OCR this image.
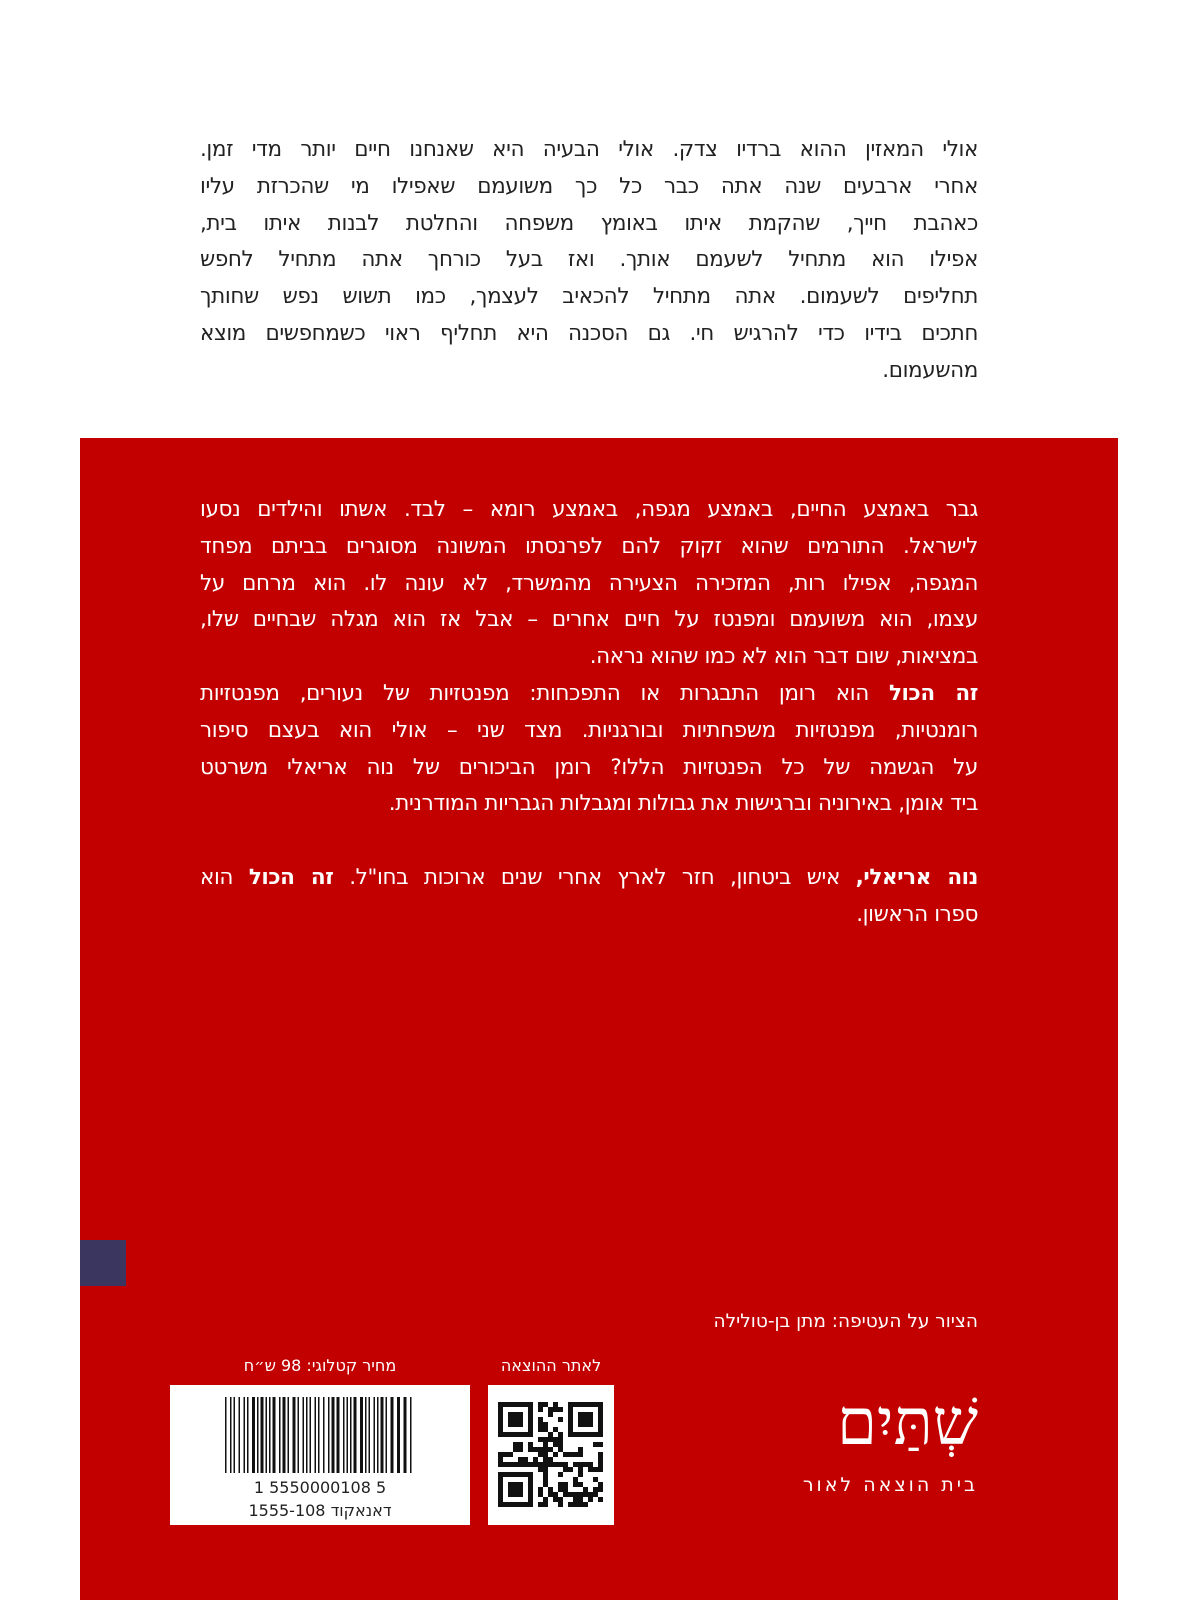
אולי המאזין ההוא ברדיו צדק. אולי הבעיה היא שאנחנו חיים יותר מדי זמן.
אחרי ארבעים שנה אתה כבר כל כך משועמם שאפילו מי שהכרזת עליו
כאהבת חייך, שהקמת איתו באומץ משפחה והחלטת לבנות איתו בית,
אפילו הוא מתחיל לשעמם אותך. ואז בעל כורחך אתה מתחיל לחפש
תחליפים לשעמום. אתה מתחיל להכאיב לעצמך, כמו תשוש נפש שחותך
חתכים בידיו כדי להרגיש חי. גם הסכנה היא תחליף ראוי כשמחפשים מוצא
מהשעמום.
גבר באמצע החיים, באמצע מגפה, באמצע רומא – לבד. אשתו והילדים נסעו
לישראל. התורמים שהוא זקוק להם לפרנסתו המשונה מסוגרים בביתם מפחד
המגפה, אפילו רות, המזכירה הצעירה מהמשרד, לא עונה לו. הוא מרחם על
עצמו, הוא משועמם ומפנטז על חיים אחרים – אבל אז הוא מגלה שבחיים שלו,
במציאות, שום דבר הוא לא כמו שהוא נראה.
זה הכול הוא רומן התבגרות או התפכחות: מפנטזיות של נעורים, מפנטזיות
רומנטיות, מפנטזיות משפחתיות ובורגניות. מצד שני – אולי הוא בעצם סיפור
על הגשמה של כל הפנטזיות הללו? רומן הביכורים של נוה אריאלי משרטט
ביד אומן, באירוניה וברגישות את גבולות ומגבלות הגבריות המודרנית.
נוה אריאלי, איש ביטחון, חזר לארץ אחרי שנים ארוכות בחו"ל. זה הכול הוא
ספרו הראשון.
הציור על העטיפה: מתן בן-טולילה
לאתר ההוצאה
מחיר קטלוגי: 98 ש״ח
1 5550000108 5
דאנאקוד 1555-108
שְׁתַּיִם
בית הוצאה לאור
